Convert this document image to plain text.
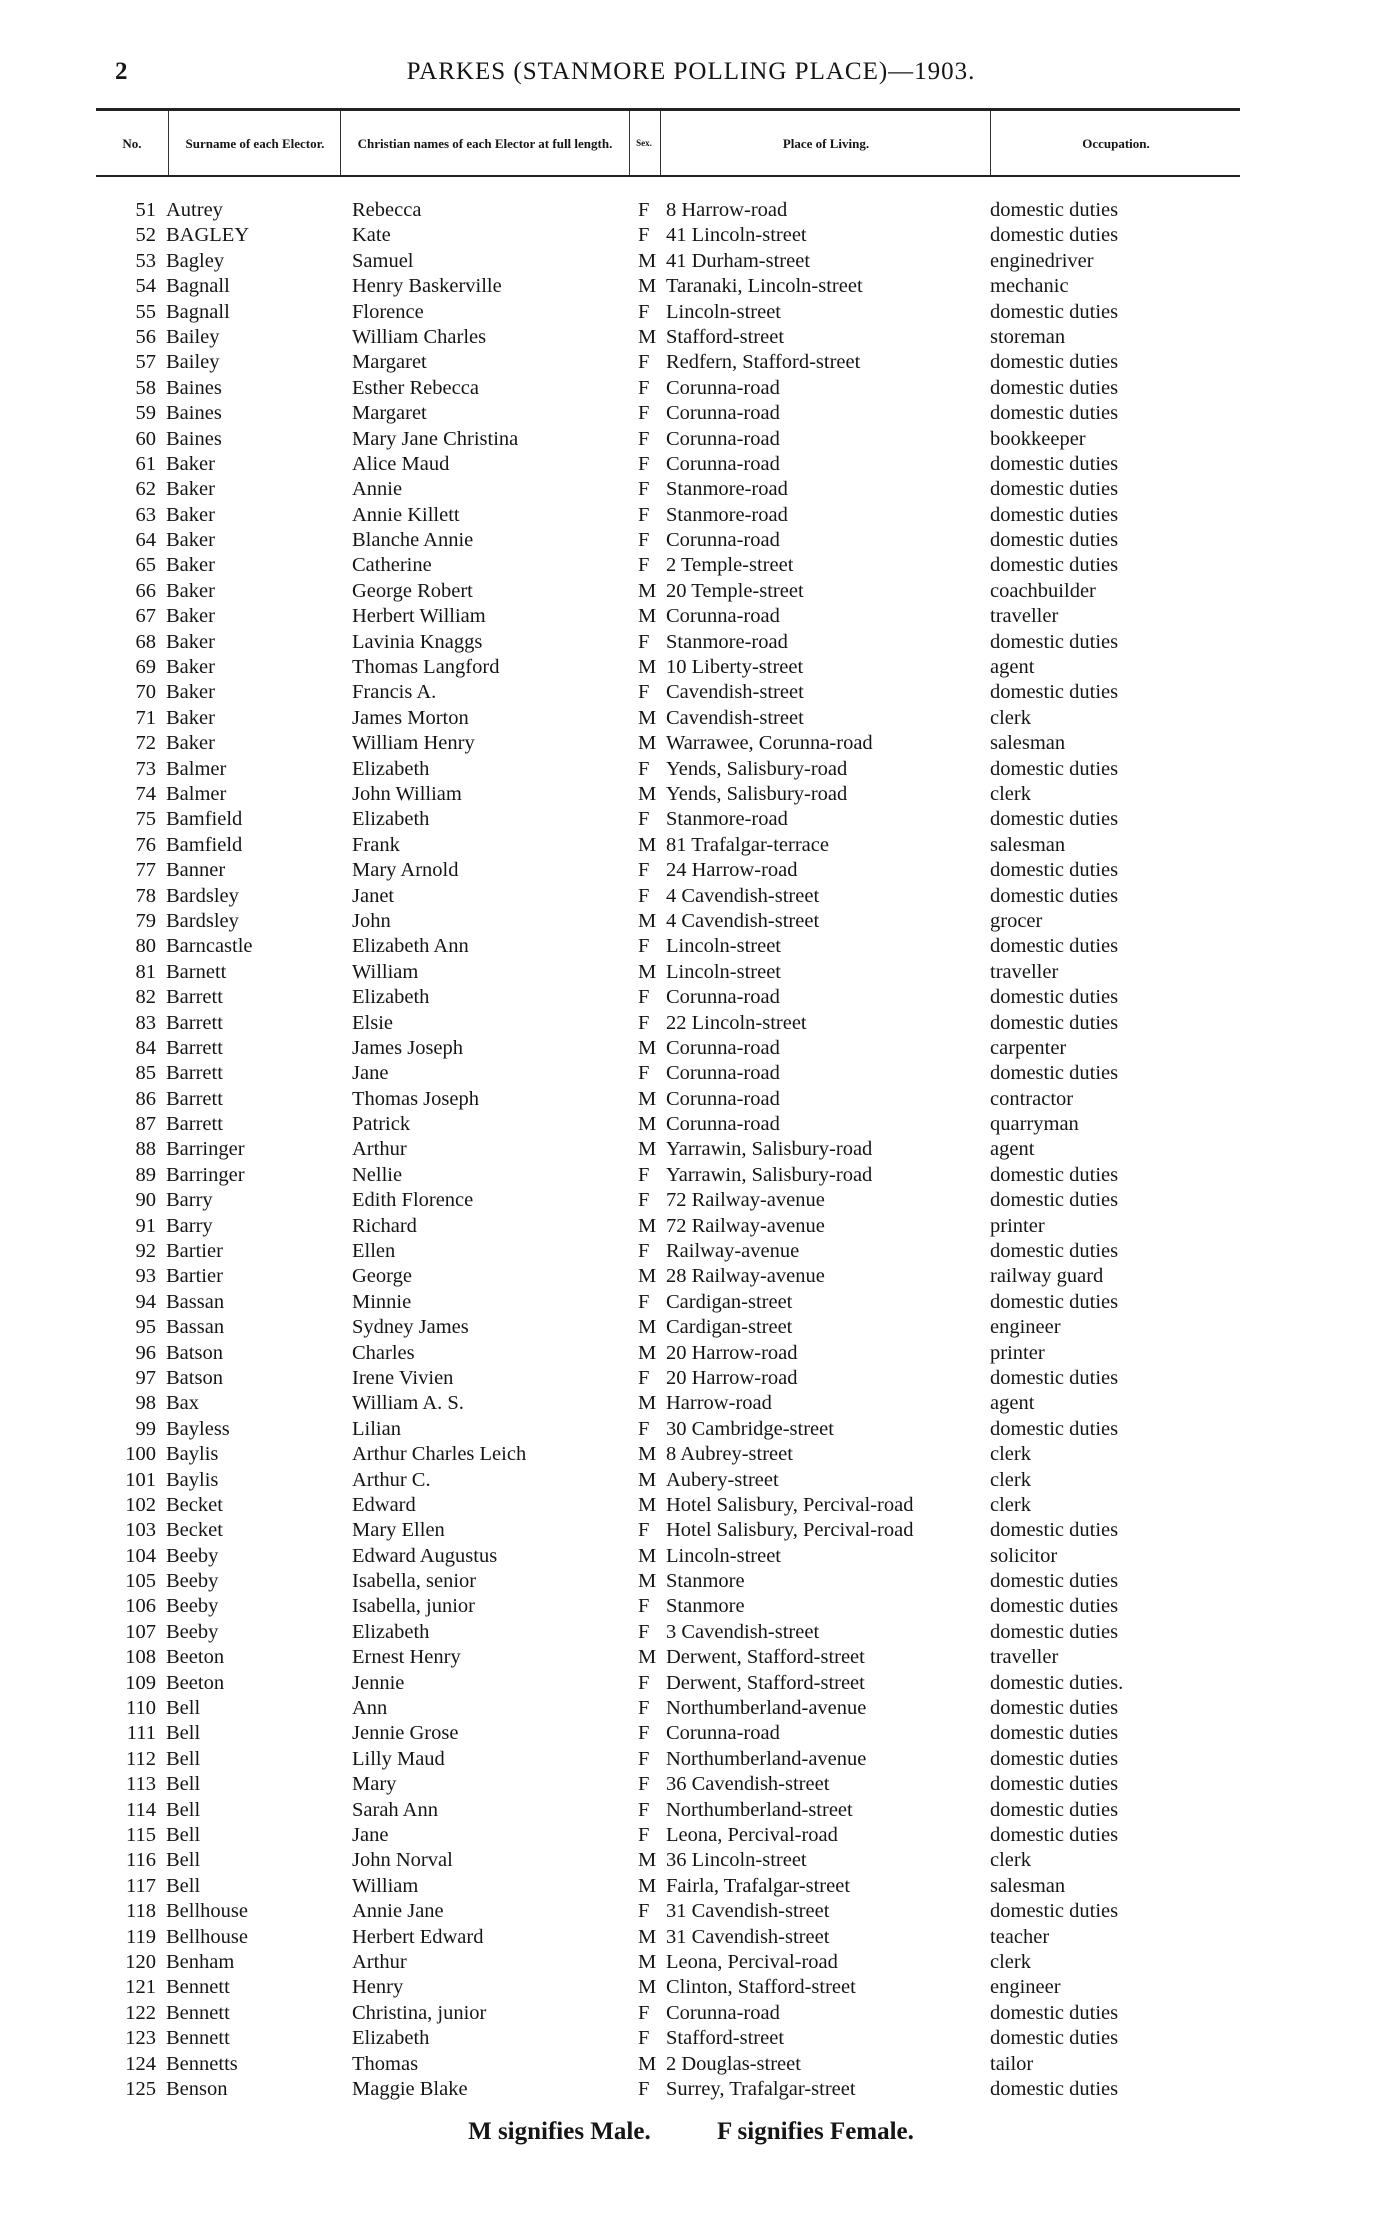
2	PARKES (STANMORE POLLING PLACE)—1903.
No.	Surname of each Elector.	Christian names of each Elector at full length.	Sex.	Place of Living.	Occupation.
51 Autrey	Rebecca	F 8 Harrow-road	domestic duties
52 BAGLEY	Kate	F 41 Lincoln-street	domestic duties
53 Bagley	Samuel	M 41 Durham-street	enginedriver
54 Bagnall	Henry Baskerville	M Taranaki, Lincoln-street	mechanic
55 Bagnall	Florence	F Lincoln-street	domestic duties
56 Bailey	William Charles	M Stafford-street	storeman
57 Bailey	Margaret	F Redfern, Stafford-street	domestic duties
58 Baines	Esther Rebecca	F Corunna-road	domestic duties
59 Baines	Margaret	F Corunna-road	domestic duties
60 Baines	Mary Jane Christina	F Corunna-road	bookkeeper
61 Baker	Alice Maud	F Corunna-road	domestic duties
62 Baker	Annie	F Stanmore-road	domestic duties
63 Baker	Annie Killett	F Stanmore-road	domestic duties
64 Baker	Blanche Annie	F Corunna-road	domestic duties
65 Baker	Catherine	F 2 Temple-street	domestic duties
66 Baker	George Robert	M 20 Temple-street	coachbuilder
67 Baker	Herbert William	M Corunna-road	traveller
68 Baker	Lavinia Knaggs	F Stanmore-road	domestic duties
69 Baker	Thomas Langford	M 10 Liberty-street	agent
70 Baker	Francis A.	F Cavendish-street	domestic duties
71 Baker	James Morton	M Cavendish-street	clerk
72 Baker	William Henry	M Warrawee, Corunna-road	salesman
73 Balmer	Elizabeth	F Yends, Salisbury-road	domestic duties
74 Balmer	John William	M Yends, Salisbury-road	clerk
75 Bamfield	Elizabeth	F Stanmore-road	domestic duties
76 Bamfield	Frank	M 81 Trafalgar-terrace	salesman
77 Banner	Mary Arnold	F 24 Harrow-road	domestic duties
78 Bardsley	Janet	F 4 Cavendish-street	domestic duties
79 Bardsley	John	M 4 Cavendish-street	grocer
80 Barncastle	Elizabeth Ann	F Lincoln-street	domestic duties
81 Barnett	William	M Lincoln-street	traveller
82 Barrett	Elizabeth	F Corunna-road	domestic duties
83 Barrett	Elsie	F 22 Lincoln-street	domestic duties
84 Barrett	James Joseph	M Corunna-road	carpenter
85 Barrett	Jane	F Corunna-road	domestic duties
86 Barrett	Thomas Joseph	M Corunna-road	contractor
87 Barrett	Patrick	M Corunna-road	quarryman
88 Barringer	Arthur	M Yarrawin, Salisbury-road	agent
89 Barringer	Nellie	F Yarrawin, Salisbury-road	domestic duties
90 Barry	Edith Florence	F 72 Railway-avenue	domestic duties
91 Barry	Richard	M 72 Railway-avenue	printer
92 Bartier	Ellen	F Railway-avenue	domestic duties
93 Bartier	George	M 28 Railway-avenue	railway guard
94 Bassan	Minnie	F Cardigan-street	domestic duties
95 Bassan	Sydney James	M Cardigan-street	engineer
96 Batson	Charles	M 20 Harrow-road	printer
97 Batson	Irene Vivien	F 20 Harrow-road	domestic duties
98 Bax	William A. S.	M Harrow-road	agent
99 Bayless	Lilian	F 30 Cambridge-street	domestic duties
100 Baylis	Arthur Charles Leich	M 8 Aubrey-street	clerk
101 Baylis	Arthur C.	M Aubery-street	clerk
102 Becket	Edward	M Hotel Salisbury, Percival-road	clerk
103 Becket	Mary Ellen	F Hotel Salisbury, Percival-road	domestic duties
104 Beeby	Edward Augustus	M Lincoln-street	solicitor
105 Beeby	Isabella, senior	M Stanmore	domestic duties
106 Beeby	Isabella, junior	F Stanmore	domestic duties
107 Beeby	Elizabeth	F 3 Cavendish-street	domestic duties
108 Beeton	Ernest Henry	M Derwent, Stafford-street	traveller
109 Beeton	Jennie	F Derwent, Stafford-street	domestic duties.
110 Bell	Ann	F Northumberland-avenue	domestic duties
111 Bell	Jennie Grose	F Corunna-road	domestic duties
112 Bell	Lilly Maud	F Northumberland-avenue	domestic duties
113 Bell	Mary	F 36 Cavendish-street	domestic duties
114 Bell	Sarah Ann	F Northumberland-street	domestic duties
115 Bell	Jane	F Leona, Percival-road	domestic duties
116 Bell	John Norval	M 36 Lincoln-street	clerk
117 Bell	William	M Fairla, Trafalgar-street	salesman
118 Bellhouse	Annie Jane	F 31 Cavendish-street	domestic duties
119 Bellhouse	Herbert Edward	M 31 Cavendish-street	teacher
120 Benham	Arthur	M Leona, Percival-road	clerk
121 Bennett	Henry	M Clinton, Stafford-street	engineer
122 Bennett	Christina, junior	F Corunna-road	domestic duties
123 Bennett	Elizabeth	F Stafford-street	domestic duties
124 Bennetts	Thomas	M 2 Douglas-street	tailor
125 Benson	Maggie Blake	F Surrey, Trafalgar-street	domestic duties
M signifies Male.	F signifies Female.
